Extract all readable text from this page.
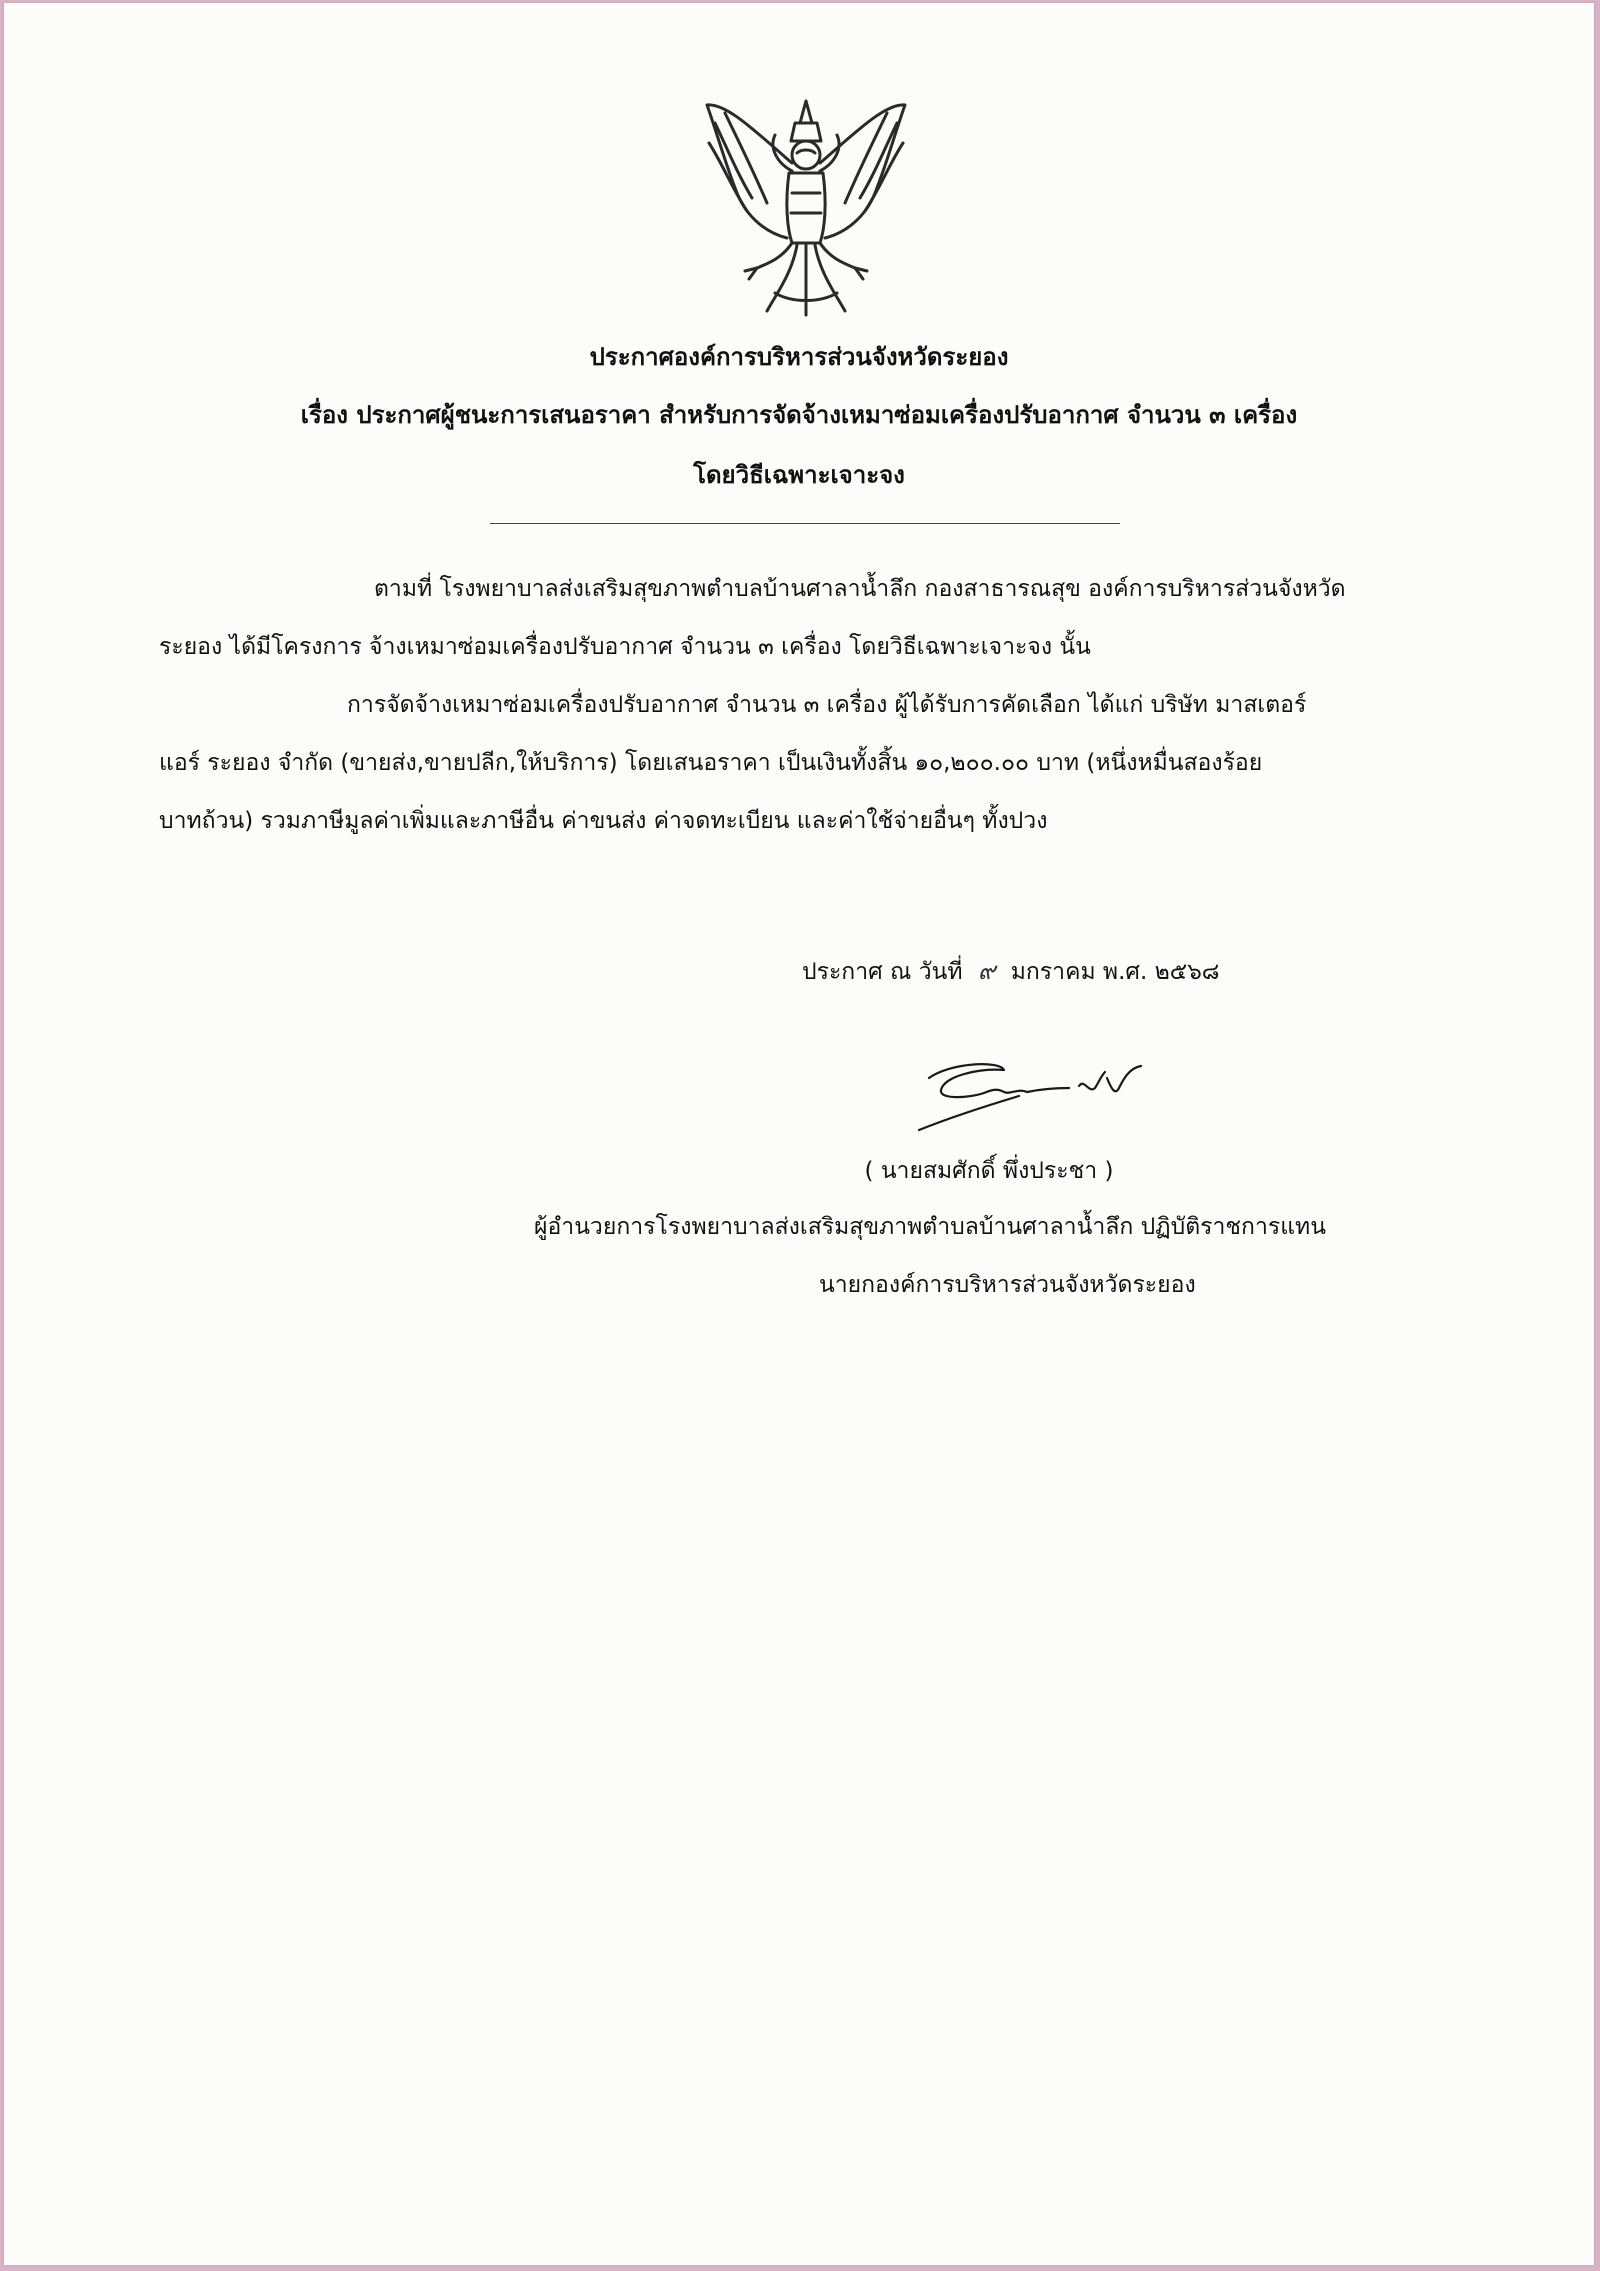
ประกาศองค์การบริหารส่วนจังหวัดระยอง
เรื่อง ประกาศผู้ชนะการเสนอราคา สำหรับการจัดจ้างเหมาซ่อมเครื่องปรับอากาศ จำนวน ๓ เครื่อง
โดยวิธีเฉพาะเจาะจง
ตามที่ โรงพยาบาลส่งเสริมสุขภาพตำบลบ้านศาลาน้ำลึก กองสาธารณสุข องค์การบริหารส่วนจังหวัด
ระยอง ได้มีโครงการ จ้างเหมาซ่อมเครื่องปรับอากาศ จำนวน ๓ เครื่อง โดยวิธีเฉพาะเจาะจง นั้น
การจัดจ้างเหมาซ่อมเครื่องปรับอากาศ จำนวน ๓ เครื่อง ผู้ได้รับการคัดเลือก ได้แก่ บริษัท มาสเตอร์
แอร์ ระยอง จำกัด (ขายส่ง,ขายปลีก,ให้บริการ) โดยเสนอราคา เป็นเงินทั้งสิ้น ๑๐,๒๐๐.๐๐ บาท (หนึ่งหมื่นสองร้อย
บาทถ้วน) รวมภาษีมูลค่าเพิ่มและภาษีอื่น ค่าขนส่ง ค่าจดทะเบียน และค่าใช้จ่ายอื่นๆ ทั้งปวง
ประกาศ ณ วันที่ ๙ มกราคม พ.ศ. ๒๕๖๘
( นายสมศักดิ์ พึ่งประชา )
ผู้อำนวยการโรงพยาบาลส่งเสริมสุขภาพตำบลบ้านศาลาน้ำลึก ปฏิบัติราชการแทน
นายกองค์การบริหารส่วนจังหวัดระยอง
